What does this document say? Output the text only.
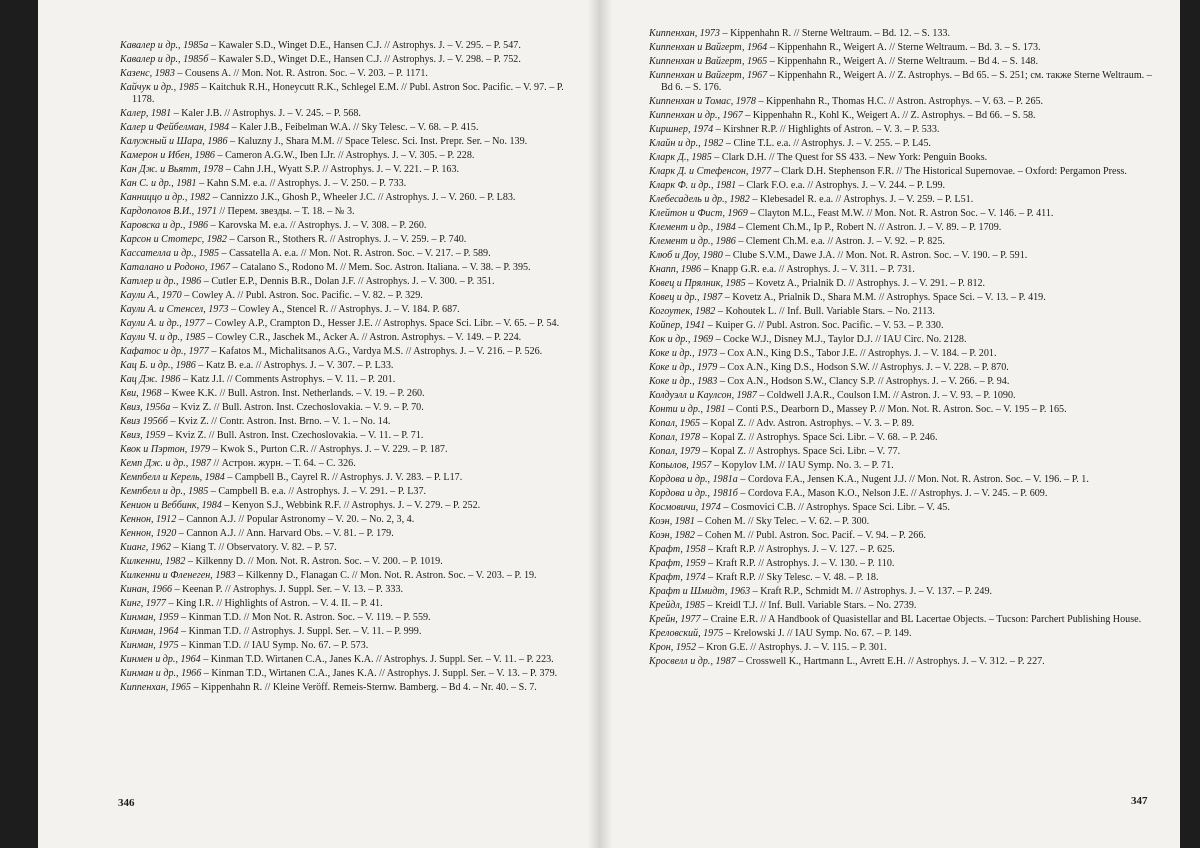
Кавалер и др., 1985а – Kawaler S.D., Winget D.E., Hansen C.J. // Astrophys. J. – V. 295. – P. 547.

Кавалер и др., 1985б – Kawaler S.D., Winget D.E., Hansen C.J. // Astrophys. J. – V. 298. – P. 752.

Казенс, 1983 – Cousens A. // Mon. Not. R. Astron. Soc. – V. 203. – P. 1171.

Кайчук и др., 1985 – Kaitchuk R.H., Honeycutt R.K., Schlegel E.M. // Publ. Astron Soc. Pacific. – V. 97. – P. 1178.

Калер, 1981 – Kaler J.B. // Astrophys. J. – V. 245. – P. 568.

Калер и Фейбелман, 1984 – Kaler J.B., Feibelman W.A. // Sky Telesc. – V. 68. – P. 415.

Калужный и Шара, 1986 – Kaluzny J., Shara M.M. // Space Telesc. Sci. Inst. Prepr. Ser. – No. 139.

Камерон и Ибен, 1986 – Cameron A.G.W., Iben I.Jr. // Astrophys. J. – V. 305. – P. 228.

Кан Дж. и Вьятт, 1978 – Cahn J.H., Wyatt S.P. // Astrophys. J. – V. 221. – P. 163.

Кан С. и др., 1981 – Kahn S.M. e.a. // Astrophys. J. – V. 250. – P. 733.

Канниццо и др., 1982 – Cannizzo J.K., Ghosh P., Wheeler J.C. // Astrophys. J. – V. 260. – P. L83.

Кардополов В.И., 1971 // Перем. звезды. – Т. 18. – № 3.

Каровска и др., 1986 – Karovska M. e.a. // Astrophys. J. – V. 308. – P. 260.

Карсон и Стотерс, 1982 – Carson R., Stothers R. // Astrophys. J. – V. 259. – P. 740.

Кассателла и др., 1985 – Cassatella A. e.a. // Mon. Not. R. Astron. Soc. – V. 217. – P. 589.

Каталано и Родоно, 1967 – Catalano S., Rodono M. // Mem. Soc. Astron. Italiana. – V. 38. – P. 395.

Катлер и др., 1986 – Cutler E.P., Dennis B.R., Dolan J.F. // Astrophys. J. – V. 300. – P. 351.

Каули А., 1970 – Cowley A. // Publ. Astron. Soc. Pacific. – V. 82. – P. 329.

Каули А. и Стенсел, 1973 – Cowley A., Stencel R. // Astrophys. J. – V. 184. P. 687.

Каули А. и др., 1977 – Cowley A.P., Crampton D., Hesser J.E. // Astrophys. Space Sci. Libr. – V. 65. – P. 54.

Каули Ч. и др., 1985 – Cowley C.R., Jaschek M., Acker A. // Astron. Astrophys. – V. 149. – P. 224.

Кафатос и др., 1977 – Kafatos M., Michalitsanos A.G., Vardya M.S. // Astrophys. J. – V. 216. – P. 526.

Кац Б. и др., 1986 – Katz B. e.a. // Astrophys. J. – V. 307. – P. L33.

Кац Дж. 1986 – Katz J.I. // Comments Astrophys. – V. 11. – P. 201.

Кви, 1968 – Kwee K.K. // Bull. Astron. Inst. Netherlands. – V. 19. – P. 260.

Квиз, 1956а – Kviz Z. // Bull. Astron. Inst. Czechoslovakia. – V. 9. – P. 70.

Квиз 1956б – Kviz Z. // Contr. Astron. Inst. Brno. – V. 1. – No. 14.

Квиз, 1959 – Kviz Z. // Bull. Astron. Inst. Czechoslovakia. – V. 11. – P. 71.

Квок и Пэртон, 1979 – Kwok S., Purton C.R. // Astrophys. J. – V. 229. – P. 187.

Кемп Дж. и др., 1987 // Астрон. журн. – Т. 64. – С. 326.

Кемпбелл и Керель, 1984 – Campbell B., Cayrel R. // Astrophys. J. V. 283. – P. L17.

Кемпбелл и др., 1985 – Campbell B. e.a. // Astrophys. J. – V. 291. – P. L37.

Кенион и Веббинк, 1984 – Kenyon S.J., Webbink R.F. // Astrophys. J. – V. 279. – P. 252.

Кеннон, 1912 – Cannon A.J. // Popular Astronomy – V. 20. – No. 2, 3, 4.

Кеннон, 1920 – Cannon A.J. // Ann. Harvard Obs. – V. 81. – P. 179.

Кианг, 1962 – Kiang T. // Observatory. V. 82. – P. 57.

Килкенни, 1982 – Kilkenny D. // Mon. Not. R. Astron. Soc. – V. 200. – P. 1019.

Килкенни и Фленеген, 1983 – Kilkenny D., Flanagan C. // Mon. Not. R. Astron. Soc. – V. 203. – P. 19.

Кинан, 1966 – Keenan P. // Astrophys. J. Suppl. Ser. – V. 13. – P. 333.

Кинг, 1977 – King I.R. // Highlights of Astron. – V. 4. II. – P. 41.

Кинман, 1959 – Kinman T.D. // Mon Not. R. Astron. Soc. – V. 119. – P. 559.

Кинман, 1964 – Kinman T.D. // Astrophys. J. Suppl. Ser. – V. 11. – P. 999.

Кинман, 1975 – Kinman T.D. // IAU Symp. No. 67. – P. 573.

Кинмен и др., 1964 – Kinman T.D. Wirtanen C.A., Janes K.A. // Astrophys. J. Suppl. Ser. – V. 11. – P. 223.

Кинман и др., 1966 – Kinman T.D., Wirtanen C.A., Janes K.A. // Astrophys. J. Suppl. Ser. – V. 13. – P. 379.

Киппенхан, 1965 – Kippenhahn R. // Kleine Veröff. Remeis-Sternw. Bamberg. – Bd 4. – Nr. 40. – S. 7.

346

Киппенхан, 1973 – Kippenhahn R. // Sterne Weltraum. – Bd. 12. – S. 133.

Киппенхан и Вайгерт, 1964 – Kippenhahn R., Weigert A. // Sterne Weltraum. – Bd. 3. – S. 173.

Киппенхан и Вайгерт, 1965 – Kippenhahn R., Weigert A. // Sterne Weltraum. – Bd 4. – S. 148.

Киппенхан и Вайгерт, 1967 – Kippenhahn R., Weigert A. // Z. Astrophys. – Bd 65. – S. 251; см. также Sterne Weltraum. – Bd 6. – S. 176.

Киппенхан и Томас, 1978 – Kippenhahn R., Thomas H.C. // Astron. Astrophys. – V. 63. – P. 265.

Киппенхан и др., 1967 – Kippenhahn R., Kohl K., Weigert A. // Z. Astrophys. – Bd 66. – S. 58.

Киршнер, 1974 – Kirshner R.P. // Highlights of Astron. – V. 3. – P. 533.

Клайн и др., 1982 – Cline T.L. e.a. // Astrophys. J. – V. 255. – P. L45.

Кларк Д., 1985 – Clark D.H. // The Quest for SS 433. – New York: Penguin Books.

Кларк Д. и Стефенсон, 1977 – Clark D.H. Stephenson F.R. // The Historical Supernovae. – Oxford: Pergamon Press.

Кларк Ф. и др., 1981 – Clark F.O. e.a. // Astrophys. J. – V. 244. – P. L99.

Клебесадель и др., 1982 – Klebesadel R. e.a. // Astrophys. J. – V. 259. – P. L51.

Клейтон и Фист, 1969 – Clayton M.L., Feast M.W. // Mon. Not. R. Astron Soc. – V. 146. – P. 411.

Клемент и др., 1984 – Clement Ch.M., Ip P., Robert N. // Astron. J. – V. 89. – P. 1709.

Клемент и др., 1986 – Clement Ch.M. e.a. // Astron. J. – V. 92. – P. 825.

Клюб и Доу, 1980 – Clube S.V.M., Dawe J.A. // Mon. Not. R. Astron. Soc. – V. 190. – P. 591.

Кнапп, 1986 – Knapp G.R. e.a. // Astrophys. J. – V. 311. – P. 731.

Ковец и Прялник, 1985 – Kovetz A., Prialnik D. // Astrophys. J. – V. 291. – P. 812.

Ковец и др., 1987 – Kovetz A., Prialnik D., Shara M.M. // Astrophys. Space Sci. – V. 13. – P. 419.

Когоутек, 1982 – Kohoutek L. // Inf. Bull. Variable Stars. – No. 2113.

Койпер, 1941 – Kuiper G. // Publ. Astron. Soc. Pacific. – V. 53. – P. 330.

Кок и др., 1969 – Cocke W.J., Disney M.J., Taylor D.J. // IAU Circ. No. 2128.

Коке и др., 1973 – Cox A.N., King D.S., Tabor J.E. // Astrophys. J. – V. 184. – P. 201.

Коке и др., 1979 – Cox A.N., King D.S., Hodson S.W. // Astrophys. J. – V. 228. – P. 870.

Коке и др., 1983 – Cox A.N., Hodson S.W., Clancy S.P. // Astrophys. J. – V. 266. – P. 94.

Колдуэлл и Каулсон, 1987 – Coldwell J.A.R., Coulson I.M. // Astron. J. – V. 93. – P. 1090.

Конти и др., 1981 – Conti P.S., Dearborn D., Massey P. // Mon. Not. R. Astron. Soc. – V. 195 – P. 165.

Копал, 1965 – Kopal Z. // Adv. Astron. Astrophys. – V. 3. – P. 89.

Копал, 1978 – Kopal Z. // Astrophys. Space Sci. Libr. – V. 68. – P. 246.

Копал, 1979 – Kopal Z. // Astrophys. Space Sci. Libr. – V. 77.

Копылов, 1957 – Kopylov I.M. // IAU Symp. No. 3. – P. 71.

Кордова и др., 1981а – Cordova F.A., Jensen K.A., Nugent J.J. // Mon. Not. R. Astron. Soc. – V. 196. – P. 1.

Кордова и др., 1981б – Cordova F.A., Mason K.O., Nelson J.E. // Astrophys. J. – V. 245. – P. 609.

Космовичи, 1974 – Cosmovici C.B. // Astrophys. Space Sci. Libr. – V. 45.

Коэн, 1981 – Cohen M. // Sky Telec. – V. 62. – P. 300.

Коэн, 1982 – Cohen M. // Publ. Astron. Soc. Pacif. – V. 94. – P. 266.

Крафт, 1958 – Kraft R.P. // Astrophys. J. – V. 127. – P. 625.

Крафт, 1959 – Kraft R.P. // Astrophys. J. – V. 130. – P. 110.

Крафт, 1974 – Kraft R.P. // Sky Telesc. – V. 48. – P. 18.

Крафт и Шмидт, 1963 – Kraft R.P., Schmidt M. // Astrophys. J. – V. 137. – P. 249.

Крейдл, 1985 – Kreidl T.J. // Inf. Bull. Variable Stars. – No. 2739.

Крейн, 1977 – Craine E.R. // A Handbook of Quasistellar and BL Lacertae Objects. – Tucson: Parchert Publishing House.

Креловский, 1975 – Krelowski J. // IAU Symp. No. 67. – P. 149.

Крон, 1952 – Kron G.E. // Astrophys. J. – V. 115. – P. 301.

Кросвелл и др., 1987 – Crosswell K., Hartmann L., Avrett E.H. // Astrophys. J. – V. 312. – P. 227.

347
